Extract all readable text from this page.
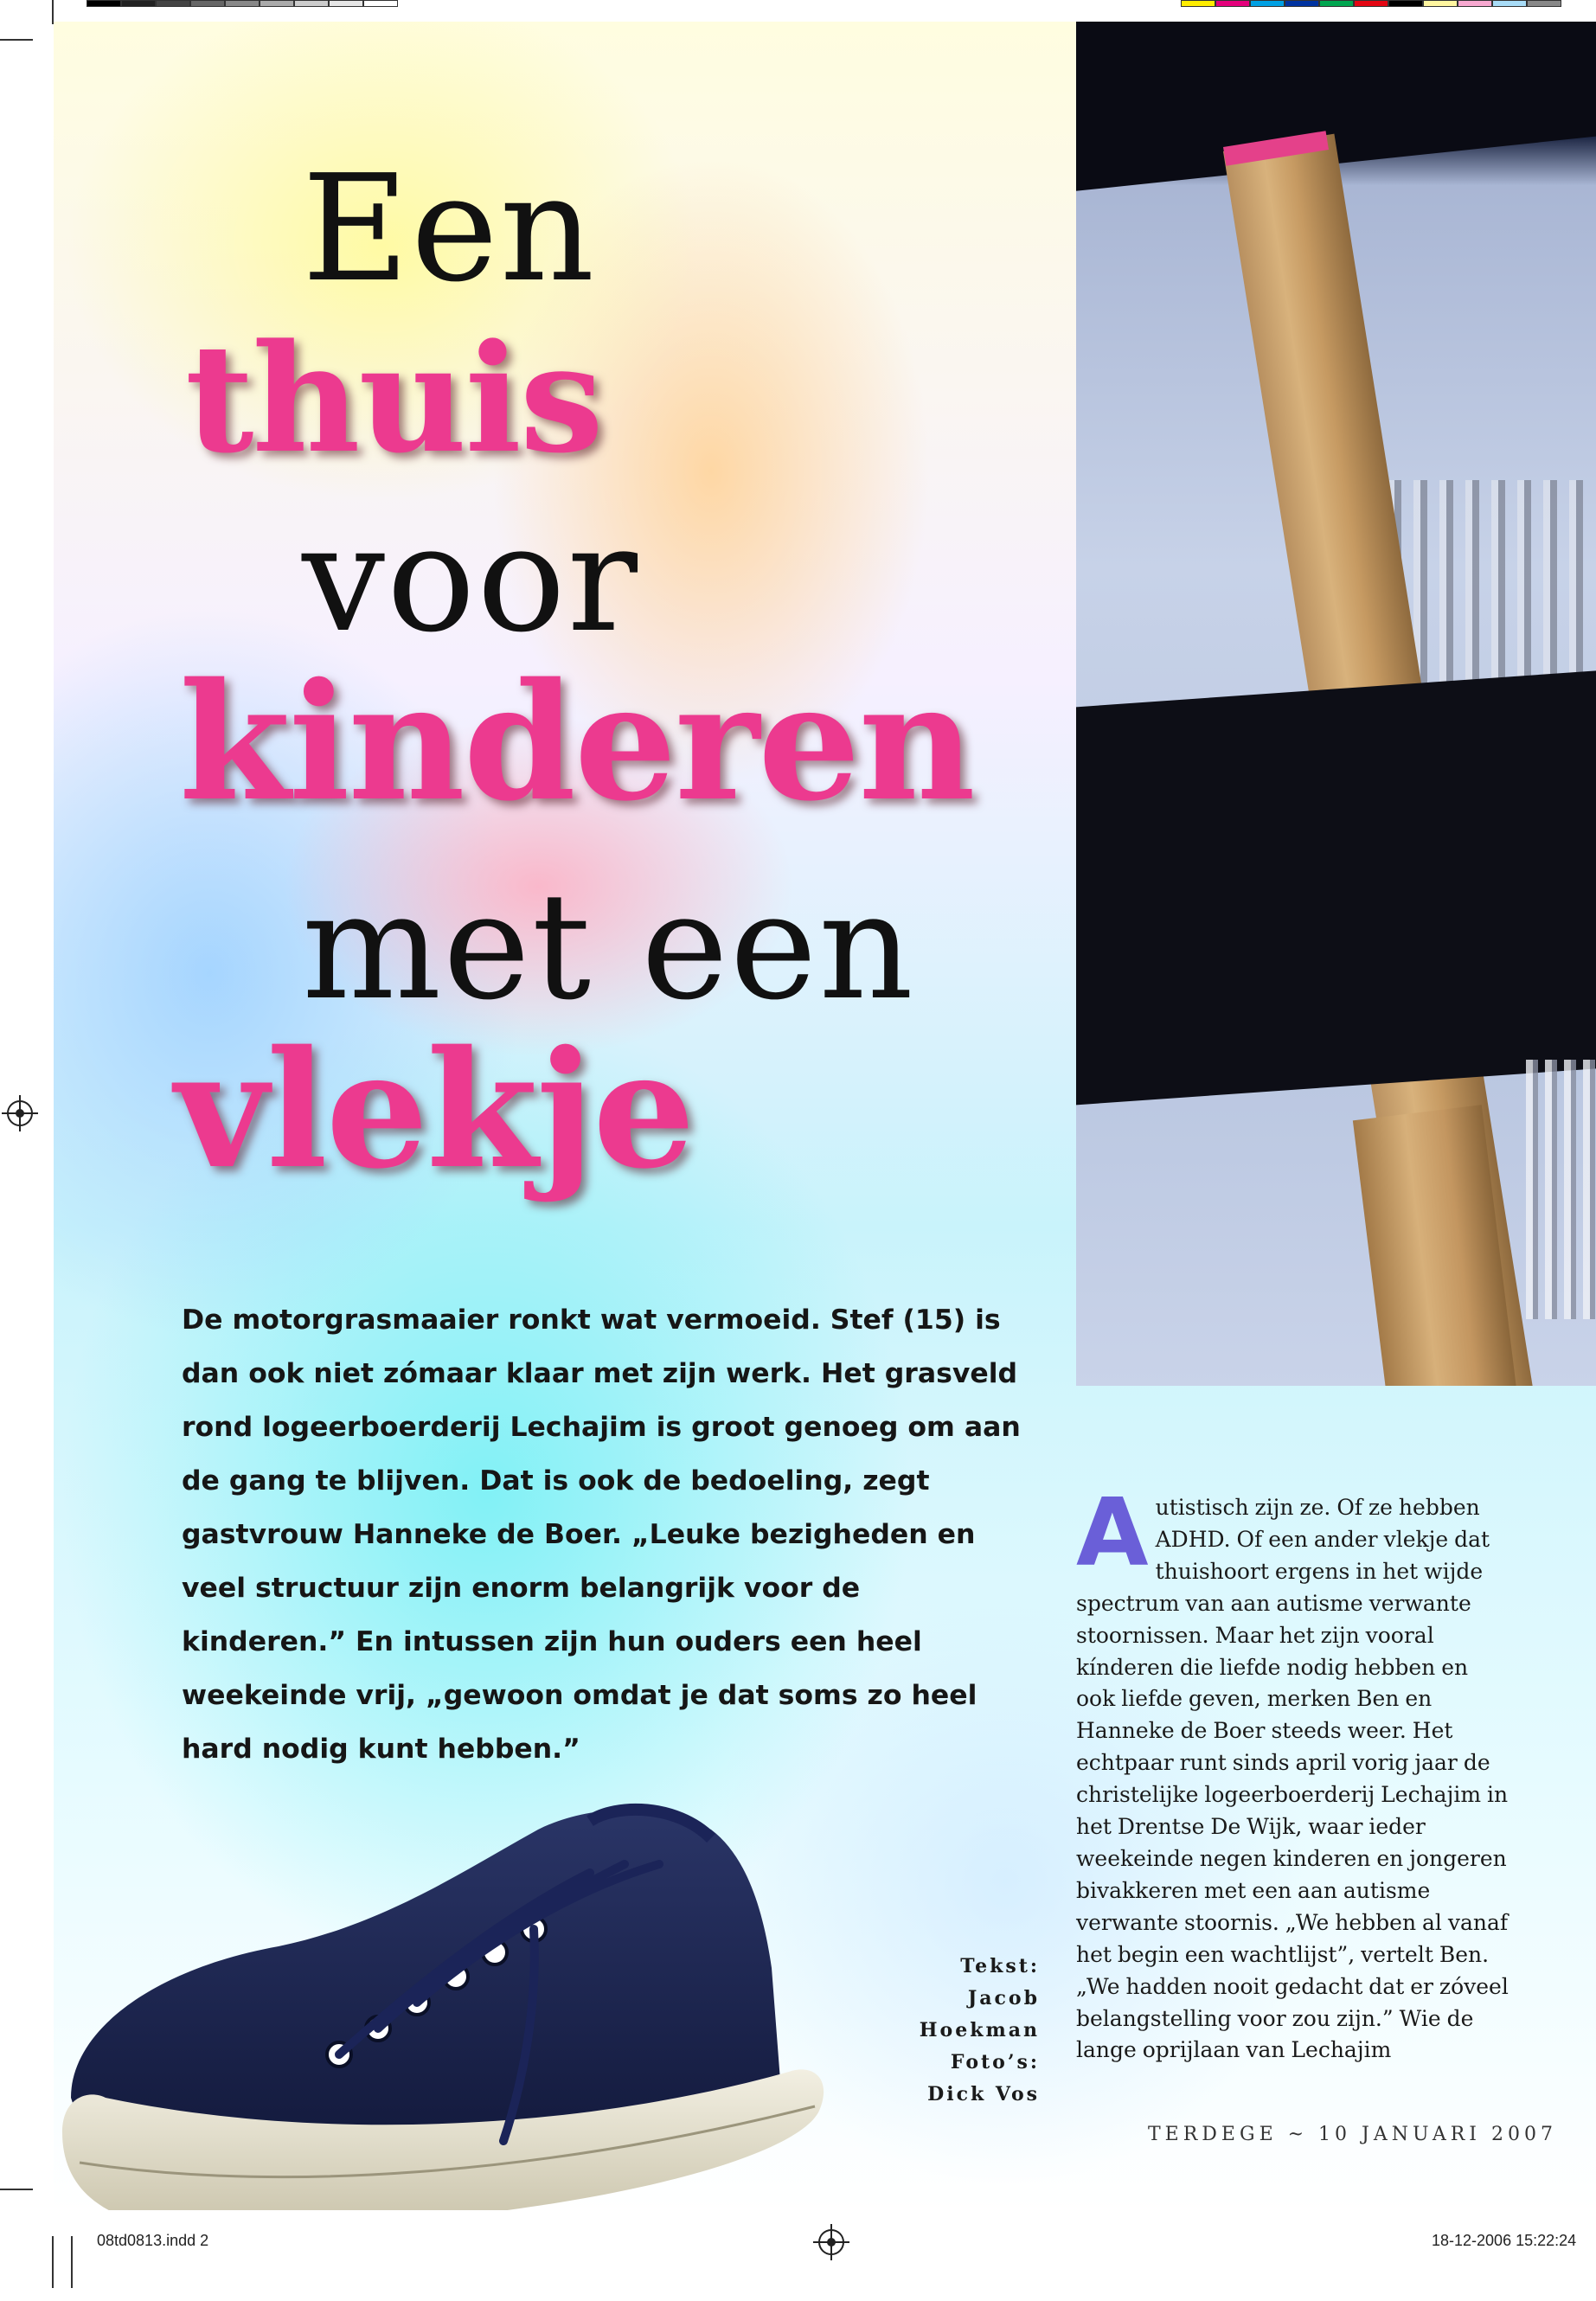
Een
thuis
voor
kinderen
met een
vlekje

De motorgrasmaaier ronkt wat vermoeid. Stef (15) is dan ook niet zómaar klaar met zijn werk. Het grasveld rond logeerboerderij Lechajim is groot genoeg om aan de gang te blijven. Dat is ook de bedoeling, zegt gastvrouw Hanneke de Boer. „Leuke bezigheden en veel structuur zijn enorm belangrijk voor de kinderen.” En intussen zijn hun ouders een heel weekeinde vrij, „gewoon omdat je dat soms zo heel hard nodig kunt hebben.”

Tekst:
Jacob
Hoekman
Foto’s:
Dick Vos
A utistisch zijn ze. Of ze hebben ADHD. Of een ander vlekje dat thuishoort ergens in het wijde spectrum van aan autisme verwante stoornissen. Maar het zijn vooral kínderen die liefde nodig hebben en ook liefde geven, merken Ben en Hanneke de Boer steeds weer. Het echtpaar runt sinds april vorig jaar de christelijke logeerboerderij Lechajim in het Drentse De Wijk, waar ieder weekeinde negen kinderen en jongeren bivakkeren met een aan autisme verwante stoornis. „We hebben al vanaf het begin een wachtlijst”, vertelt Ben. „We hadden nooit gedacht dat er zóveel belangstelling voor zou zijn.” Wie de lange oprijlaan van Lechajim

TERDEGE ~ 10 JANUARI 2007
08td0813.indd 2	18-12-2006 15:22:24
